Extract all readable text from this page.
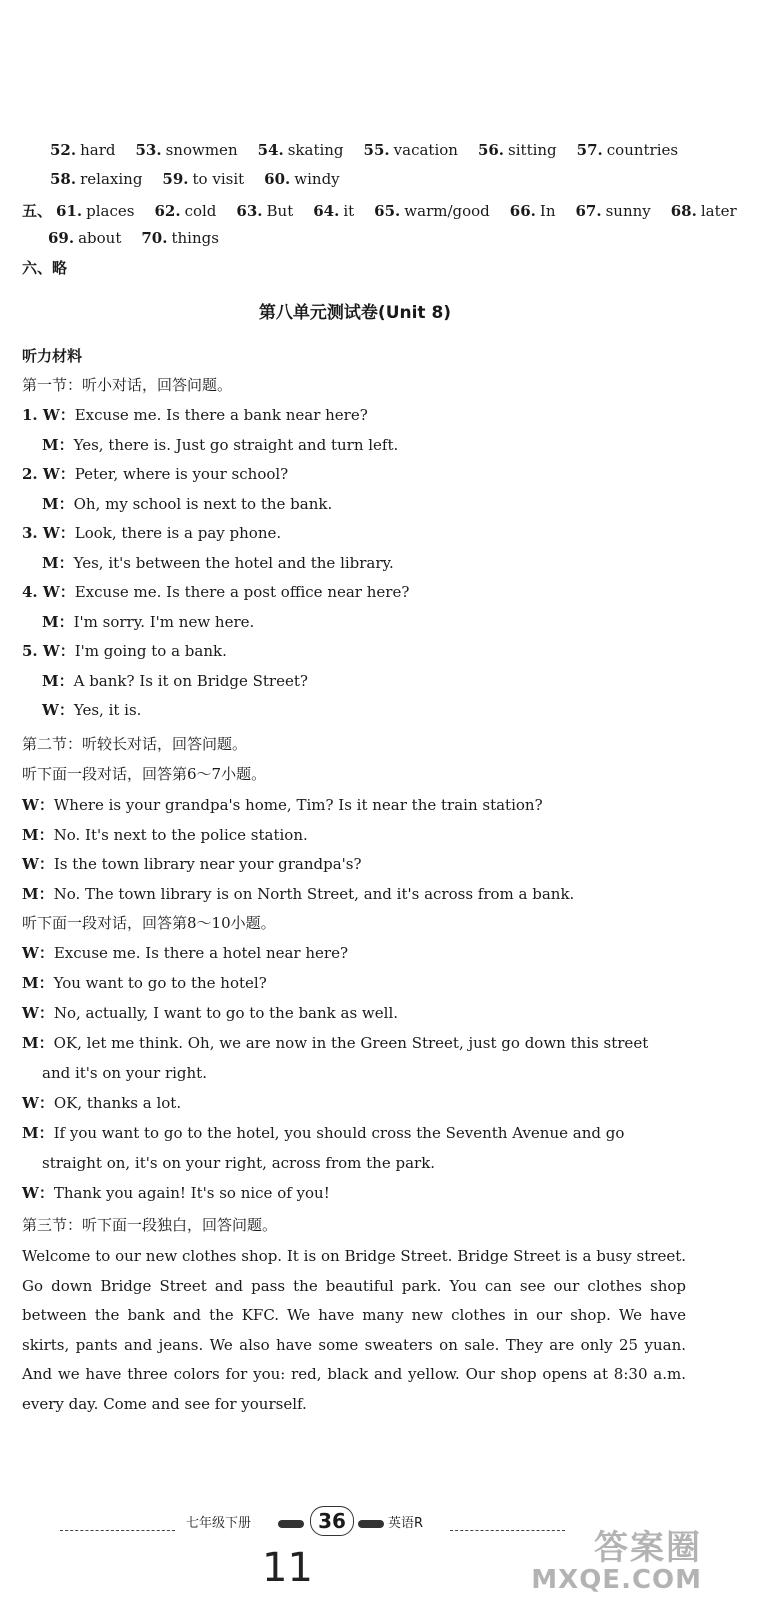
52. hard 53. snowmen 54. skating 55. vacation 56. sitting 57. countries
58. relaxing 59. to visit 60. windy
五、 61. places 62. cold 63. But 64. it 65. warm/good 66. In 67. sunny 68. later
69. about 70. things
六、略
第八单元测试卷(Unit 8)
听力材料
第一节：听小对话，回答问题。
1. W：Excuse me. Is there a bank near here?
M：Yes, there is. Just go straight and turn left.
2. W：Peter, where is your school?
M：Oh, my school is next to the bank.
3. W：Look, there is a pay phone.
M：Yes, it's between the hotel and the library.
4. W：Excuse me. Is there a post office near here?
M：I'm sorry. I'm new here.
5. W：I'm going to a bank.
M：A bank? Is it on Bridge Street?
W：Yes, it is.
第二节：听较长对话，回答问题。
听下面一段对话，回答第6～7小题。
W：Where is your grandpa's home, Tim? Is it near the train station?
M：No. It's next to the police station.
W：Is the town library near your grandpa's?
M：No. The town library is on North Street, and it's across from a bank.
听下面一段对话，回答第8～10小题。
W：Excuse me. Is there a hotel near here?
M：You want to go to the hotel?
W：No, actually, I want to go to the bank as well.
M：OK, let me think. Oh, we are now in the Green Street, just go down this street
and it's on your right.
W：OK, thanks a lot.
M：If you want to go to the hotel, you should cross the Seventh Avenue and go
straight on, it's on your right, across from the park.
W：Thank you again! It's so nice of you!
第三节：听下面一段独白，回答问题。
Welcome to our new clothes shop. It is on Bridge Street. Bridge Street is a busy street. Go down Bridge Street and pass the beautiful park. You can see our clothes shop between the bank and the KFC. We have many new clothes in our shop. We have skirts, pants and jeans. We also have some sweaters on sale. They are only 25 yuan. And we have three colors for you: red, black and yellow. Our shop opens at 8:30 a.m. every day. Come and see for yourself.
七年级下册	36	英语R
11	答案圈
MXQE.COM
